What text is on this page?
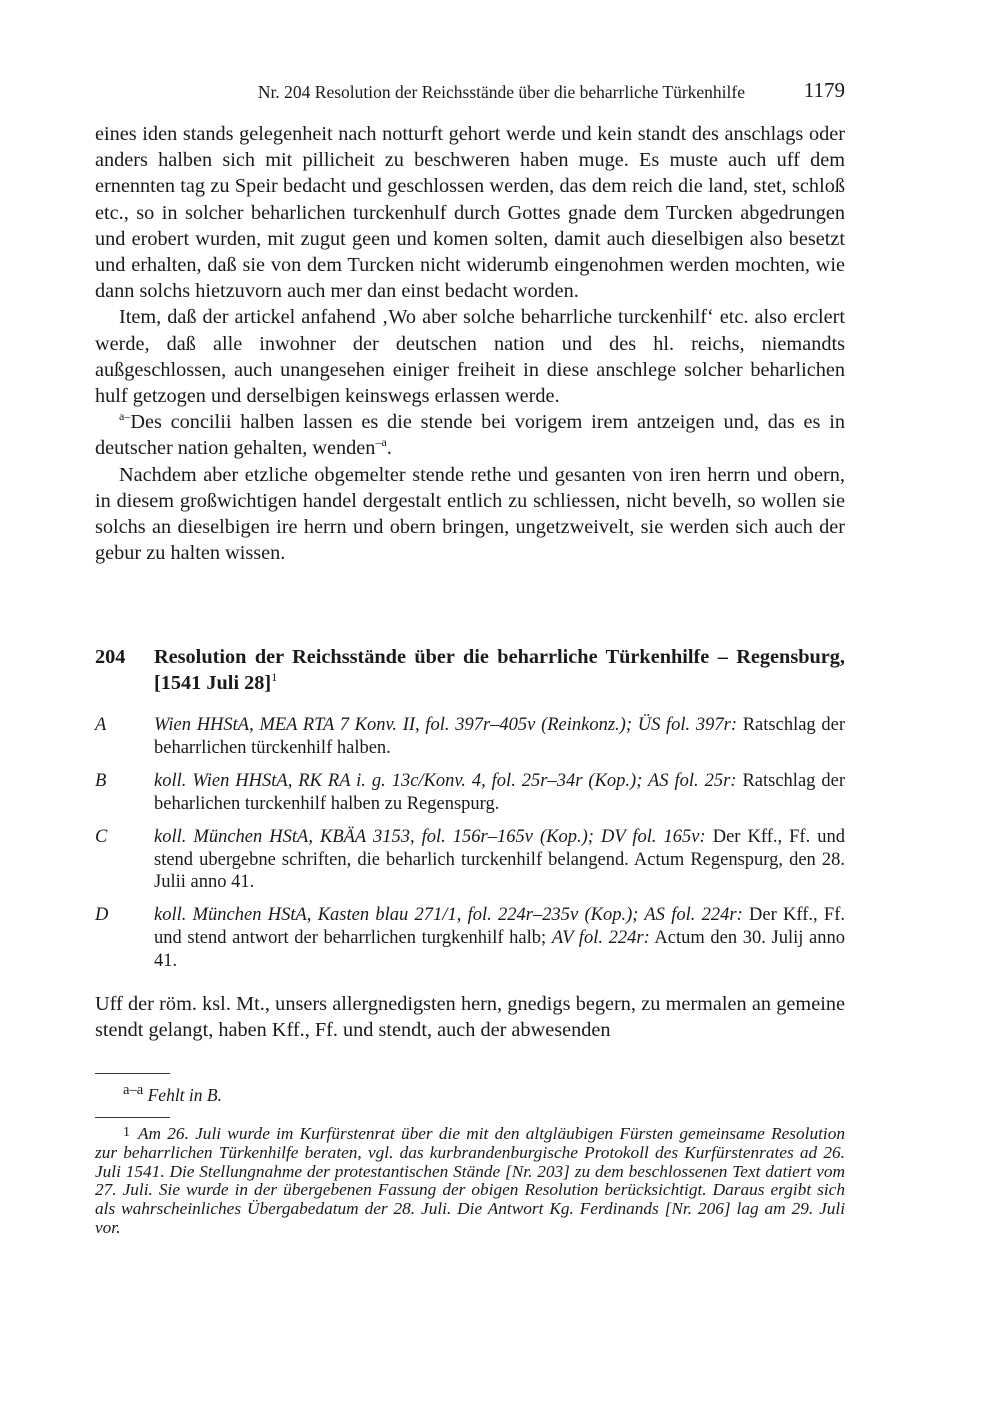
Nr. 204 Resolution der Reichsstände über die beharrliche Türkenhilfe	1179

eines iden stands gelegenheit nach notturft gehort werde und kein standt des anschlags oder anders halben sich mit pillicheit zu beschweren haben muge. Es muste auch uff dem ernennten tag zu Speir bedacht und geschlossen werden, das dem reich die land, stet, schloß etc., so in solcher beharlichen turckenhulf durch Gottes gnade dem Turcken abgedrungen und erobert wurden, mit zugut geen und komen solten, damit auch dieselbigen also besetzt und erhalten, daß sie von dem Turcken nicht widerumb eingenohmen werden mochten, wie dann solchs hietzuvorn auch mer dan einst bedacht worden.

Item, daß der artickel anfahend ‚Wo aber solche beharrliche turckenhilf‘ etc. also erclert werde, daß alle inwohner der deutschen nation und des hl. reichs, niemandts außgeschlossen, auch unangesehen einiger freiheit in diese anschlege solcher beharlichen hulf getzogen und derselbigen keinswegs erlassen werde.

$^{a-}$Des concilii halben lassen es die stende bei vorigem irem antzeigen und, das es in deutscher nation gehalten, wenden$^{-a}$.

Nachdem aber etzliche obgemelter stende rethe und gesanten von iren herrn und obern, in diesem großwichtigen handel dergestalt entlich zu schliessen, nicht bevelh, so wollen sie solchs an dieselbigen ire herrn und obern bringen, ungetzweivelt, sie werden sich auch der gebur zu halten wissen.

204 Resolution der Reichsstände über die beharrliche Türkenhilfe – Regensburg, [1541 Juli 28]$^1$
A	Wien HHStA, MEA RTA 7 Konv. II, fol. 397r–405v (Reinkonz.); ÜS fol. 397r: Ratschlag der beharrlichen türckenhilf halben.
B	koll. Wien HHStA, RK RA i. g. 13c/Konv. 4, fol. 25r–34r (Kop.); AS fol. 25r: Ratschlag der beharlichen turckenhilf halben zu Regenspurg.
C	koll. München HStA, KBÄA 3153, fol. 156r–165v (Kop.); DV fol. 165v: Der Kff., Ff. und stend ubergebne schriften, die beharlich turckenhilf belangend. Actum Regenspurg, den 28. Julii anno 41.
D koll. München HStA, Kasten blau 271/1, fol. 224r–235v (Kop.); AS fol. 224r: Der Kff., Ff. und stend antwort der beharrlichen turgkenhilf halb; AV fol. 224r: Actum den 30. Julij anno 41.
Uff der röm. ksl. Mt., unsers allergnedigsten hern, gnedigs begern, zu mermalen an gemeine stendt gelangt, haben Kff., Ff. und stendt, auch der abwesenden
$^{a-a}$ Fehlt in B.
1 Am 26. Juli wurde im Kurfürstenrat über die mit den altgläubigen Fürsten gemeinsame Resolution zur beharrlichen Türkenhilfe beraten, vgl. das kurbrandenburgische Protokoll des Kurfürstenrates ad 26. Juli 1541. Die Stellungnahme der protestantischen Stände [Nr. 203] zu dem beschlossenen Text datiert vom 27. Juli. Sie wurde in der übergebenen Fassung der obigen Resolution berücksichtigt. Daraus ergibt sich als wahrscheinliches Übergabedatum der 28. Juli. Die Antwort Kg. Ferdinands [Nr. 206] lag am 29. Juli vor.
